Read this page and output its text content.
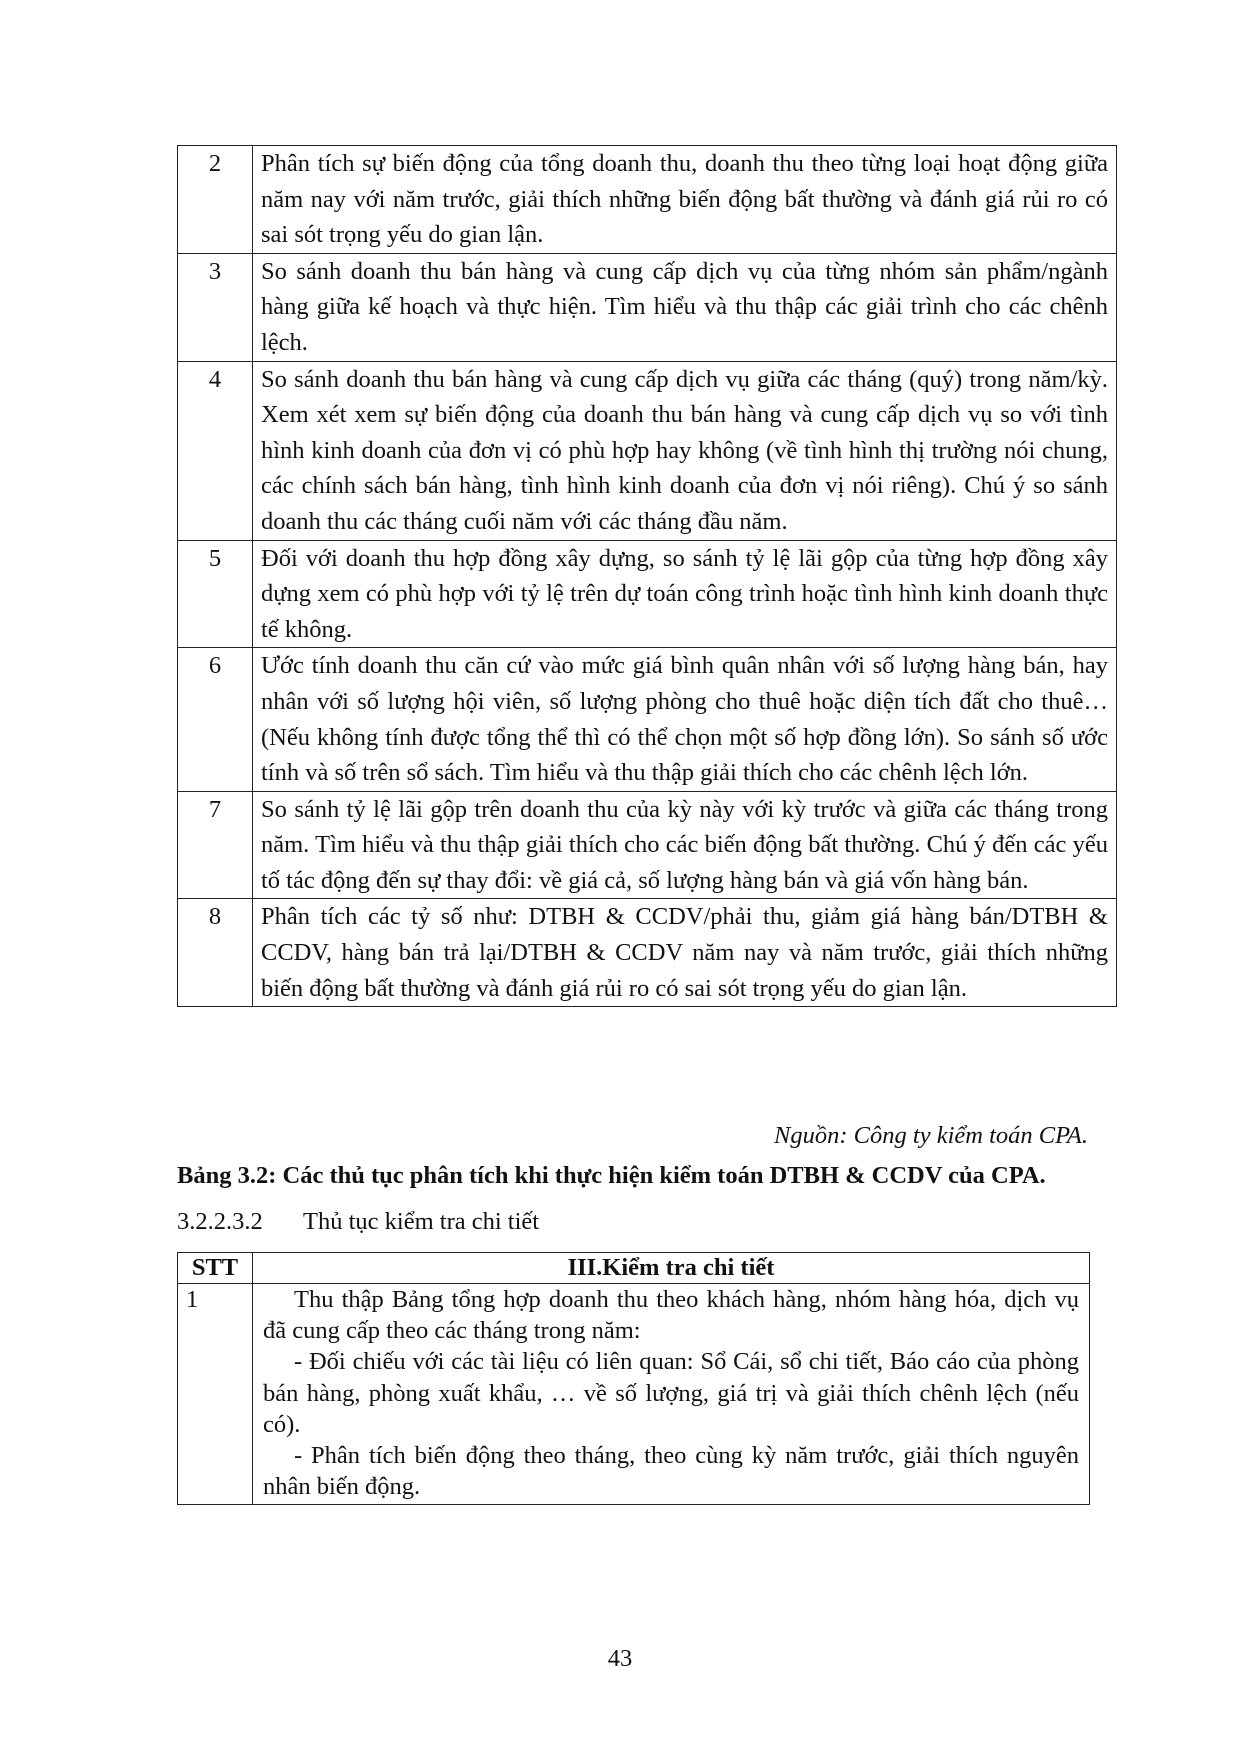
2	Phân tích sự biến động của tổng doanh thu, doanh thu theo từng loại hoạt động giữa năm nay với năm trước, giải thích những biến động bất thường và đánh giá rủi ro có sai sót trọng yếu do gian lận.
3	So sánh doanh thu bán hàng và cung cấp dịch vụ của từng nhóm sản phẩm/ngành hàng giữa kế hoạch và thực hiện. Tìm hiểu và thu thập các giải trình cho các chênh lệch.
4	So sánh doanh thu bán hàng và cung cấp dịch vụ giữa các tháng (quý) trong năm/kỳ. Xem xét xem sự biến động của doanh thu bán hàng và cung cấp dịch vụ so với tình hình kinh doanh của đơn vị có phù hợp hay không (về tình hình thị trường nói chung, các chính sách bán hàng, tình hình kinh doanh của đơn vị nói riêng). Chú ý so sánh doanh thu các tháng cuối năm với các tháng đầu năm.
5	Đối với doanh thu hợp đồng xây dựng, so sánh tỷ lệ lãi gộp của từng hợp đồng xây dựng xem có phù hợp với tỷ lệ trên dự toán công trình hoặc tình hình kinh doanh thực tế không.
6	Ước tính doanh thu căn cứ vào mức giá bình quân nhân với số lượng hàng bán, hay nhân với số lượng hội viên, số lượng phòng cho thuê hoặc diện tích đất cho thuê… (Nếu không tính được tổng thể thì có thể chọn một số hợp đồng lớn). So sánh số ước tính và số trên sổ sách. Tìm hiểu và thu thập giải thích cho các chênh lệch lớn.
7	So sánh tỷ lệ lãi gộp trên doanh thu của kỳ này với kỳ trước và giữa các tháng trong năm. Tìm hiểu và thu thập giải thích cho các biến động bất thường. Chú ý đến các yếu tố tác động đến sự thay đổi: về giá cả, số lượng hàng bán và giá vốn hàng bán.
8	Phân tích các tỷ số như: DTBH & CCDV/phải thu, giảm giá hàng bán/DTBH & CCDV, hàng bán trả lại/DTBH & CCDV năm nay và năm trước, giải thích những biến động bất thường và đánh giá rủi ro có sai sót trọng yếu do gian lận.
Nguồn: Công ty kiểm toán CPA.
Bảng 3.2: Các thủ tục phân tích khi thực hiện kiểm toán DTBH & CCDV của CPA.
3.2.2.3.2 Thủ tục kiểm tra chi tiết
STT	III.Kiểm tra chi tiết
1	Thu thập Bảng tổng hợp doanh thu theo khách hàng, nhóm hàng hóa, dịch vụ đã cung cấp theo các tháng trong năm:

- Đối chiếu với các tài liệu có liên quan: Sổ Cái, sổ chi tiết, Báo cáo của phòng bán hàng, phòng xuất khẩu, … về số lượng, giá trị và giải thích chênh lệch (nếu có).

- Phân tích biến động theo tháng, theo cùng kỳ năm trước, giải thích nguyên nhân biến động.

43
